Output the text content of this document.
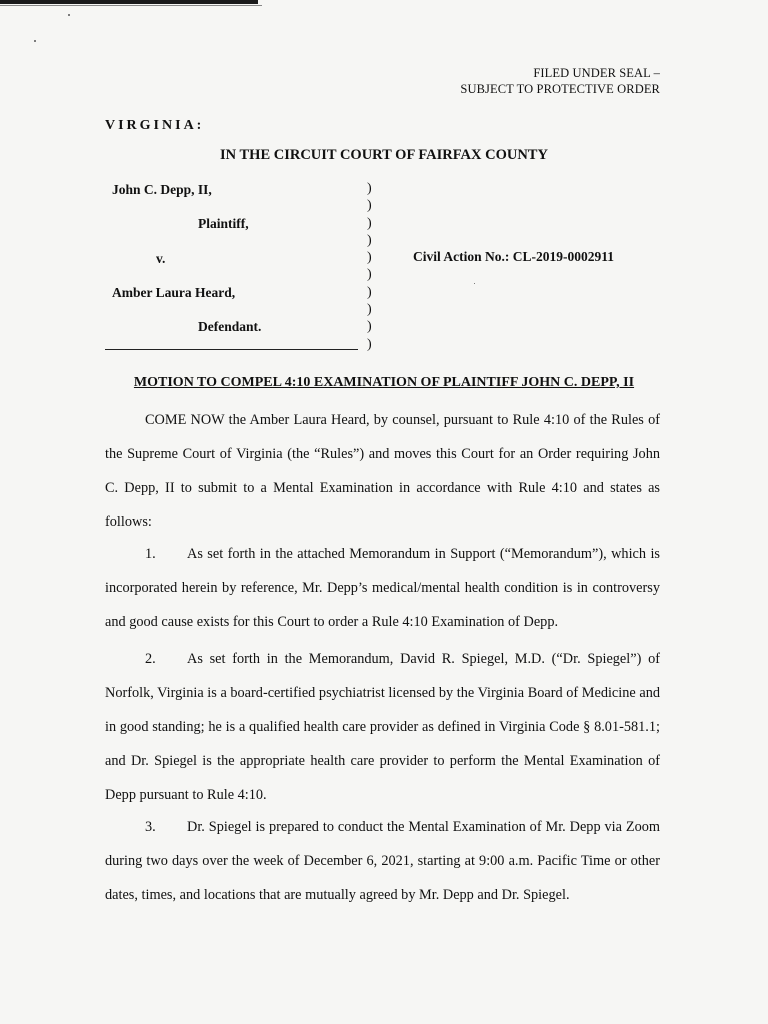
FILED UNDER SEAL –
SUBJECT TO PROTECTIVE ORDER
VIRGINIA:
IN THE CIRCUIT COURT OF FAIRFAX COUNTY
John C. Depp, II,
Plaintiff,
v.
Amber Laura Heard,
Defendant.
Civil Action No.: CL-2019-0002911
)
)
)
)
)
)
)
)
)
)
MOTION TO COMPEL 4:10 EXAMINATION OF PLAINTIFF JOHN C. DEPP, II
COME NOW the Amber Laura Heard, by counsel, pursuant to Rule 4:10 of the Rules of the Supreme Court of Virginia (the “Rules”) and moves this Court for an Order requiring John C. Depp, II to submit to a Mental Examination in accordance with Rule 4:10 and states as follows:
1. As set forth in the attached Memorandum in Support (“Memorandum”), which is incorporated herein by reference, Mr. Depp’s medical/mental health condition is in controversy and good cause exists for this Court to order a Rule 4:10 Examination of Depp.
2. As set forth in the Memorandum, David R. Spiegel, M.D. (“Dr. Spiegel”) of Norfolk, Virginia is a board-certified psychiatrist licensed by the Virginia Board of Medicine and in good standing; he is a qualified health care provider as defined in Virginia Code § 8.01-581.1; and Dr. Spiegel is the appropriate health care provider to perform the Mental Examination of Depp pursuant to Rule 4:10.
3. Dr. Spiegel is prepared to conduct the Mental Examination of Mr. Depp via Zoom during two days over the week of December 6, 2021, starting at 9:00 a.m. Pacific Time or other dates, times, and locations that are mutually agreed by Mr. Depp and Dr. Spiegel.
